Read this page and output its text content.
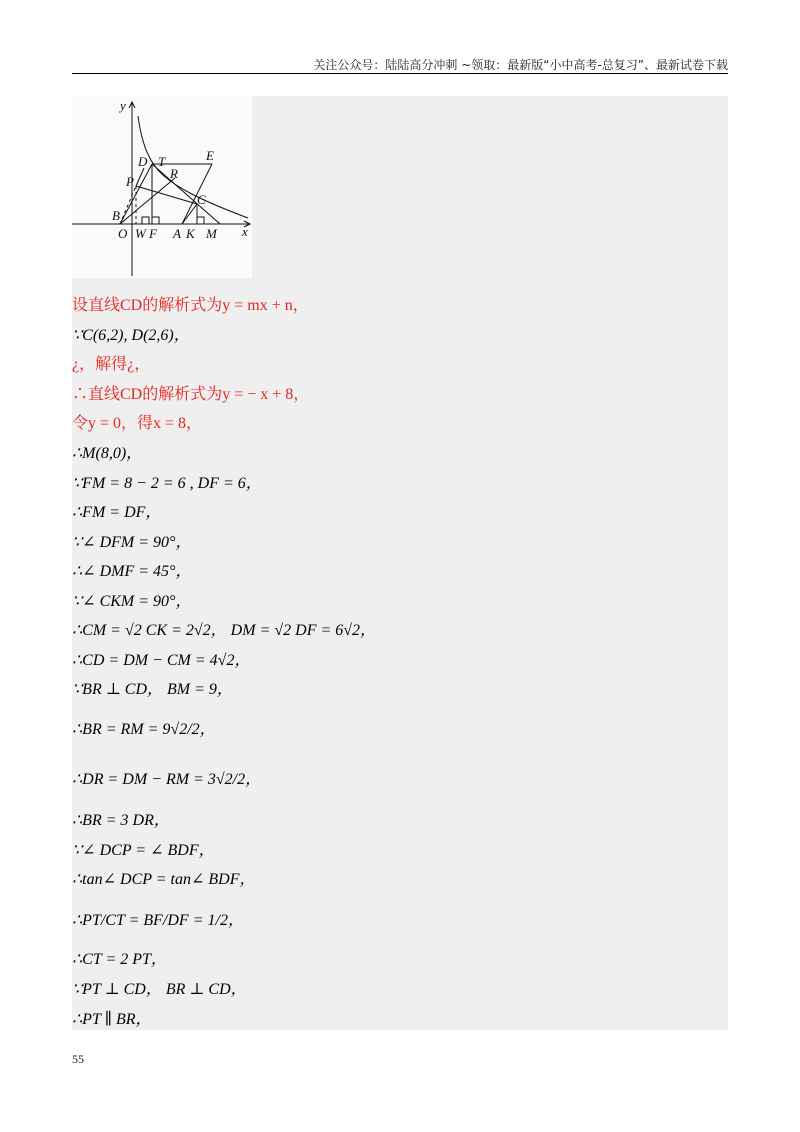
关注公众号：陆陆高分冲刺 ~领取：最新版“小中高考-总复习”、最新试卷下载
y
x
O W F A K M
B
P
D T	E
R
C
设直线CD的解析式为y = mx + n，
∵C(6,2), D(2,6)，
¿，解得¿，
∴直线CD的解析式为y = − x + 8，
令y = 0，得x = 8，
∴M(8,0)，
∵FM = 8 − 2 = 6 , DF = 6，
∴FM = DF，
∵∠ DFM = 90°，
∴∠ DMF = 45°，
∵∠ CKM = 90°，
∴CM = √2 CK = 2√2， DM = √2 DF = 6√2，
∴CD = DM − CM = 4√2，
∵BR ⊥ CD， BM = 9，
∴BR = RM = 9√2/2，
∴DR = DM − RM = 3√2/2，
∴BR = 3 DR，
∵∠ DCP = ∠ BDF，
∴tan∠ DCP = tan∠ BDF，
∴PT/CT = BF/DF = 1/2，
∴CT = 2 PT，
∵PT ⊥ CD， BR ⊥ CD，
∴PT ∥ BR，
55
